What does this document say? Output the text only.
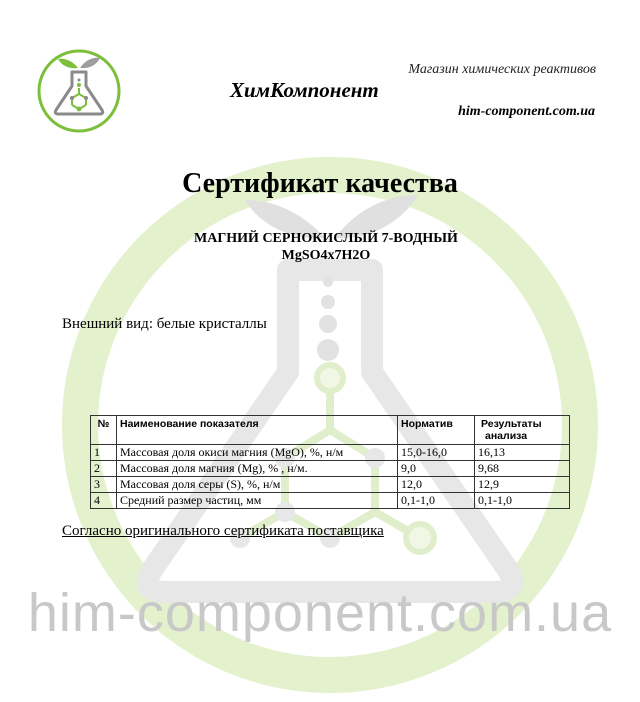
him-component.com.ua
Магазин химических реактивов
ХимКомпонент
him-component.com.ua
Сертификат качества
МАГНИЙ СЕРНОКИСЛЫЙ 7-ВОДНЫЙ
MgSO4x7H2O
Внешний вид: белые кристаллы
№	Наименование показателя	Норматив	Результаты
анализа

1	Массовая доля окиси магния (MgO), %, н/м	15,0-16,0	16,13
2	Массовая доля магния (Mg), % , н/м.	9,0	9,68
3	Массовая доля серы (S), %, н/м	12,0	12,9
4	Средний размер частиц, мм	0,1-1,0	0,1-1,0
Согласно оригинального сертификата поставщика
